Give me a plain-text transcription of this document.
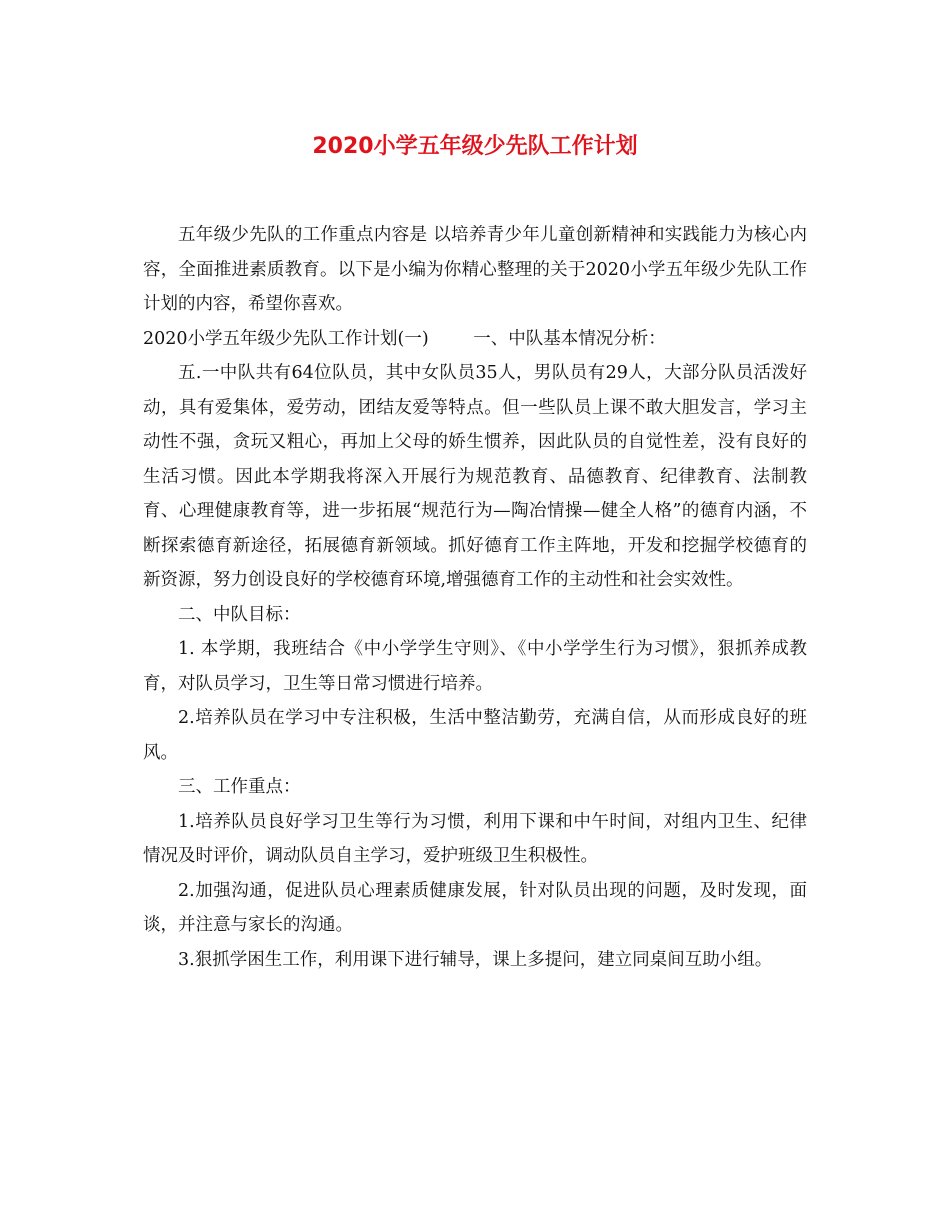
2020小学五年级少先队工作计划

五年级少先队的工作重点内容是 以培养青少年儿童创新精神和实践能力为核心内容，全面推进素质教育。以下是小编为你精心整理的关于2020小学五年级少先队工作计划的内容，希望你喜欢。

2020小学五年级少先队工作计划(一)        一、中队基本情况分析：

五.一中队共有64位队员，其中女队员35人，男队员有29人，大部分队员活泼好动，具有爱集体，爱劳动，团结友爱等特点。但一些队员上课不敢大胆发言，学习主动性不强，贪玩又粗心，再加上父母的娇生惯养，因此队员的自觉性差，没有良好的生活习惯。因此本学期我将深入开展行为规范教育、品德教育、纪律教育、法制教育、心理健康教育等，进一步拓展“规范行为—陶冶情操—健全人格”的德育内涵，不断探索德育新途径，拓展德育新领域。抓好德育工作主阵地，开发和挖掘学校德育的新资源，努力创设良好的学校德育环境,增强德育工作的主动性和社会实效性。

二、中队目标：

1. 本学期，我班结合《中小学学生守则》、《中小学学生行为习惯》，狠抓养成教育，对队员学习，卫生等日常习惯进行培养。

2.培养队员在学习中专注积极，生活中整洁勤劳，充满自信，从而形成良好的班风。

三、工作重点：

1.培养队员良好学习卫生等行为习惯，利用下课和中午时间，对组内卫生、纪律情况及时评价，调动队员自主学习，爱护班级卫生积极性。

2.加强沟通，促进队员心理素质健康发展，针对队员出现的问题，及时发现，面谈，并注意与家长的沟通。

3.狠抓学困生工作，利用课下进行辅导，课上多提问，建立同桌间互助小组。
